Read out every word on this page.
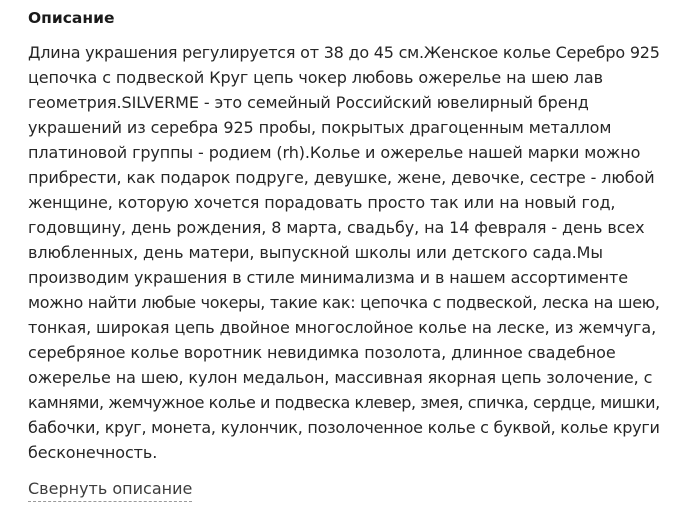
Описание
Длина украшения регулируется от 38 до 45 см.Женское колье Серебро 925
цепочка с подвеской Круг цепь чокер любовь ожерелье на шею лав
геометрия.SILVERME - это семейный Российский ювелирный бренд
украшений из серебра 925 пробы, покрытых драгоценным металлом
платиновой группы - родием (rh).Колье и ожерелье нашей марки можно
прибрести, как подарок подруге, девушке, жене, девочке, сестре - любой
женщине, которую хочется порадовать просто так или на новый год,
годовщину, день рождения, 8 марта, свадьбу, на 14 февраля - день всех
влюбленных, день матери, выпускной школы или детского сада.Мы
производим украшения в стиле минимализма и в нашем ассортименте
можно найти любые чокеры, такие как: цепочка с подвеской, леска на шею,
тонкая, широкая цепь двойное многослойное колье на леске, из жемчуга,
серебряное колье воротник невидимка позолота, длинное свадебное
ожерелье на шею, кулон медальон, массивная якорная цепь золочение, с
камнями, жемчужное колье и подвеска клевер, змея, спичка, сердце, мишки,
бабочки, круг, монета, кулончик, позолоченное колье с буквой, колье круги
бесконечность.
Свернуть описание
